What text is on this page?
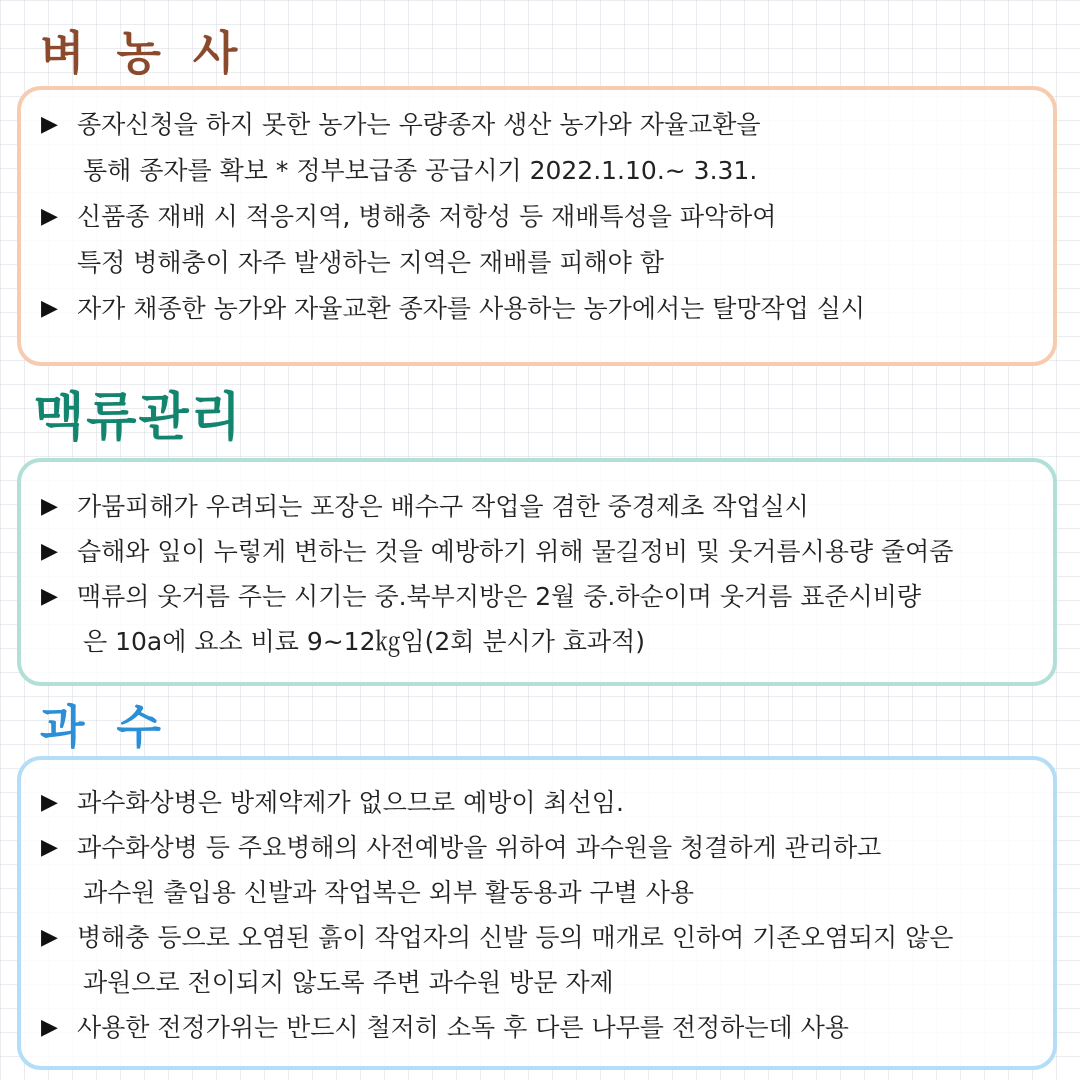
벼 농 사
▶ 종자신청을 하지 못한 농가는 우량종자 생산 농가와 자율교환을
통해 종자를 확보 * 정부보급종 공급시기 2022.1.10.~ 3.31.
▶ 신품종 재배 시 적응지역, 병해충 저항성 등 재배특성을 파악하여
특정 병해충이 자주 발생하는 지역은 재배를 피해야 함
▶ 자가 채종한 농가와 자율교환 종자를 사용하는 농가에서는 탈망작업 실시
맥류관리
▶ 가뭄피해가 우려되는 포장은 배수구 작업을 겸한 중경제초 작업실시
▶ 습해와 잎이 누렇게 변하는 것을 예방하기 위해 물길정비 및 웃거름시용량 줄여줌
▶ 맥류의 웃거름 주는 시기는 중.북부지방은 2월 중.하순이며 웃거름 표준시비량
은 10a에 요소 비료 9~12㎏임(2회 분시가 효과적)
과 수
▶ 과수화상병은 방제약제가 없으므로 예방이 최선임.
▶ 과수화상병 등 주요병해의 사전예방을 위하여 과수원을 청결하게 관리하고
과수원 출입용 신발과 작업복은 외부 활동용과 구별 사용
▶ 병해충 등으로 오염된 흙이 작업자의 신발 등의 매개로 인하여 기존오염되지 않은
과원으로 전이되지 않도록 주변 과수원 방문 자제
▶ 사용한 전정가위는 반드시 철저히 소독 후 다른 나무를 전정하는데 사용
